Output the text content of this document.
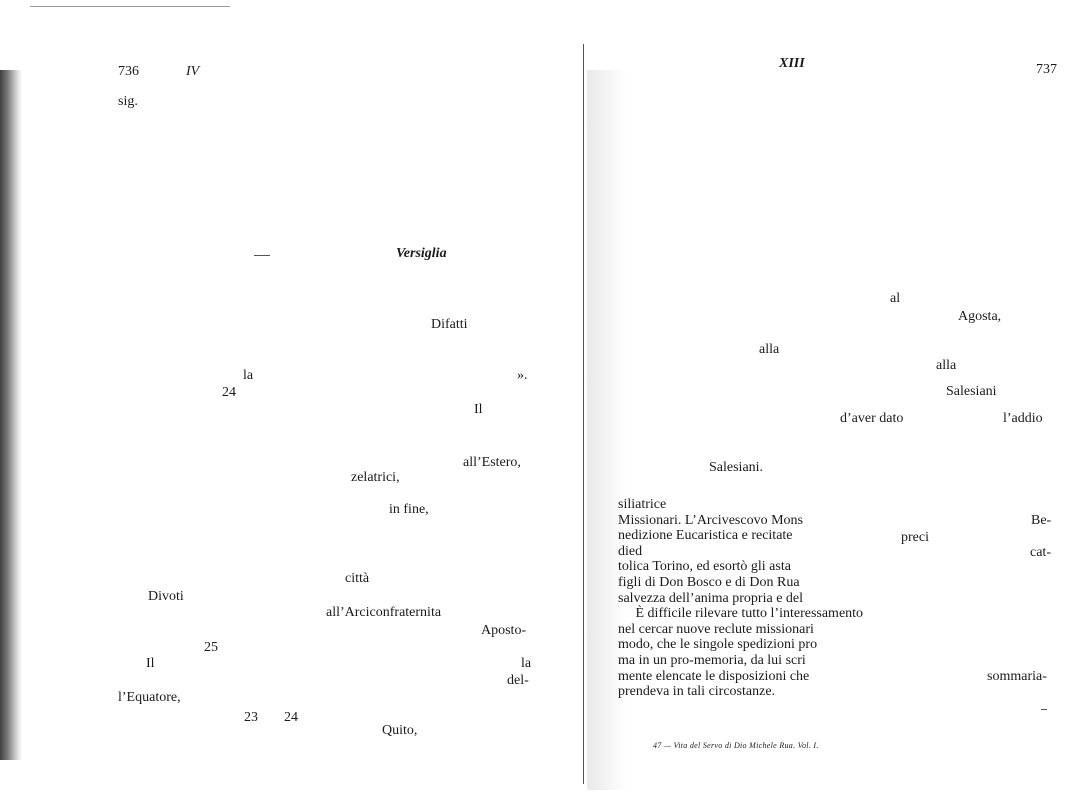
736	IV
sig.
Versiglia
Difatti
la	».
24
Il
all’Estero,
zelatrici,
in fine,
città
Divoti
all’Arciconfraternita
Aposto-
25
Il	la
del-
l’Equatore,
23 24
Quito,
XIII	737
al
Agosta,
alla
alla
Salesiani
d’aver dato	l’addio
Salesiani.
siliatrice
Missionari. L’Arcivescovo Mons
nedizione Eucaristica e recitate
died
tolica Torino, ed esortò gli asta
figli di Don Bosco e di Don Rua
salvezza dell’anima propria e del
È difficile rilevare tutto l’interessamento
nel cercar nuove reclute missionari
modo, che le singole spedizioni pro
ma in un pro-memoria, da lui scri
mente elencate le disposizioni che
prendeva in tali circostanze.
Be-
preci
cat-
sommaria-
47 — Vita del Servo di Dio Michele Rua. Vol. I.
